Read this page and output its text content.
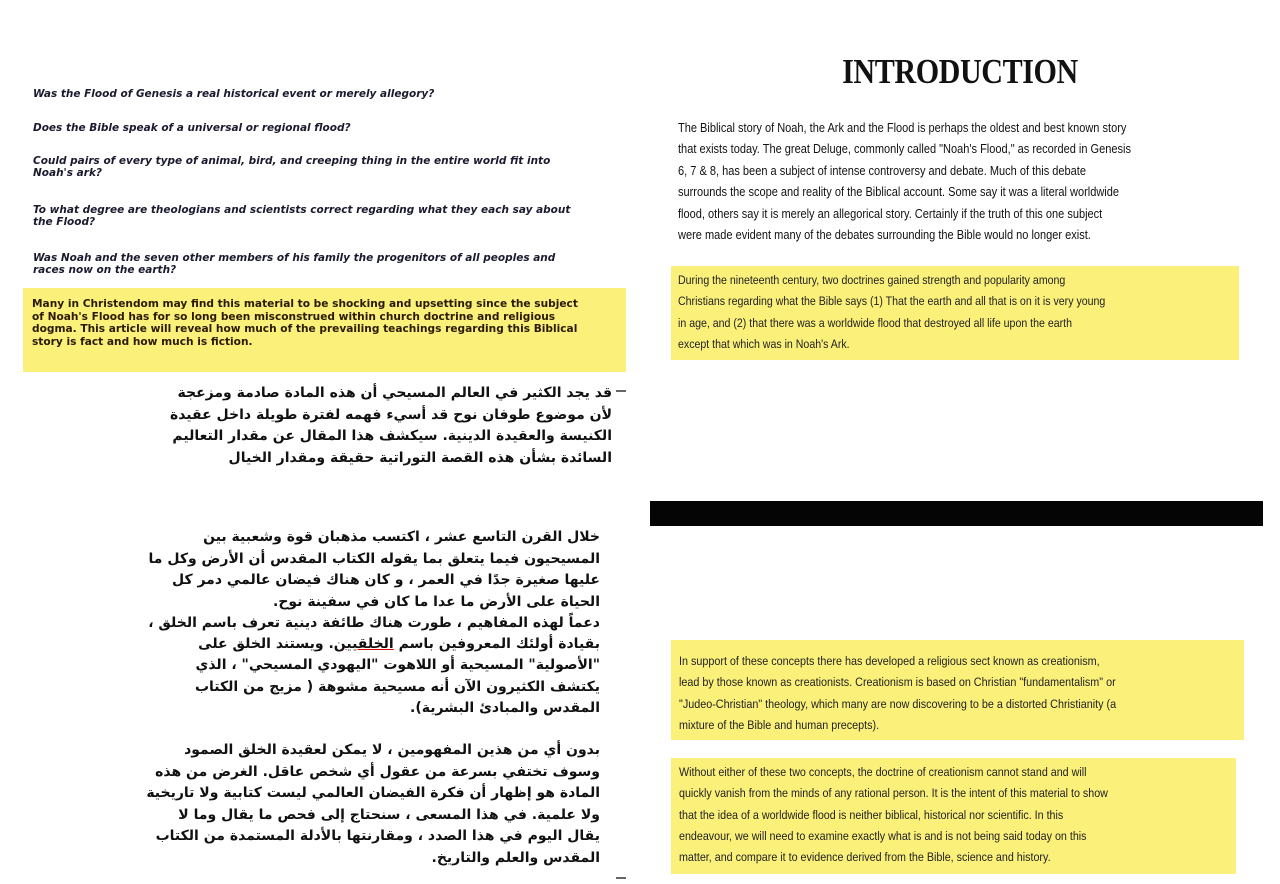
Was the Flood of Genesis a real historical event or merely allegory?
Does the Bible speak of a universal or regional flood?
Could pairs of every type of animal, bird, and creeping thing in the entire world fit into
Noah's ark?
To what degree are theologians and scientists correct regarding what they each say about
the Flood?
Was Noah and the seven other members of his family the progenitors of all peoples and
races now on the earth?
Many in Christendom may find this material to be shocking and upsetting since the subject
of Noah's Flood has for so long been misconstrued within church doctrine and religious
dogma. This article will reveal how much of the prevailing teachings regarding this Biblical
story is fact and how much is fiction.
قد يجد الكثير في العالم المسيحي أن هذه المادة صادمة ومزعجة
لأن موضوع طوفان نوح قد أسيء فهمه لفترة طويلة داخل عقيدة
الكنيسة والعقيدة الدينية. سيكشف هذا المقال عن مقدار التعاليم
السائدة بشأن هذه القصة التوراتية حقيقة ومقدار الخيال
خلال القرن التاسع عشر ، اكتسب مذهبان قوة وشعبية بين
المسيحيون فيما يتعلق بما يقوله الكتاب المقدس أن الأرض وكل ما
عليها صغيرة جدًا في العمر ، و كان هناك فيضان عالمي دمر كل
الحياة على الأرض ما عدا ما كان في سفينة نوح.
دعماً لهذه المفاهيم ، طورت هناك طائفة دينية تعرف باسم الخلق ،
بقيادة أولئك المعروفين باسم الخلقيين. ويستند الخلق على
"الأصولية" المسيحية أو اللاهوت "اليهودي المسيحي" ، الذي
يكتشف الكثيرون الآن أنه مسيحية مشوهة ( مزيج من الكتاب
المقدس والمبادئ البشرية).
بدون أي من هذين المفهومين ، لا يمكن لعقيدة الخلق الصمود
وسوف تختفي بسرعة من عقول أي شخص عاقل. الغرض من هذه
المادة هو إظهار أن فكرة الفيضان العالمي ليست كتابية ولا تاريخية
ولا علمية. في هذا المسعى ، سنحتاج إلى فحص ما يقال وما لا
يقال اليوم في هذا الصدد ، ومقارنتها بالأدلة المستمدة من الكتاب
المقدس والعلم والتاريخ.
INTRODUCTION
The Biblical story of Noah, the Ark and the Flood is perhaps the oldest and best known story
that exists today. The great Deluge, commonly called "Noah's Flood," as recorded in Genesis
6, 7 & 8, has been a subject of intense controversy and debate. Much of this debate
surrounds the scope and reality of the Biblical account. Some say it was a literal worldwide
flood, others say it is merely an allegorical story. Certainly if the truth of this one subject
were made evident many of the debates surrounding the Bible would no longer exist.
During the nineteenth century, two doctrines gained strength and popularity among
Christians regarding what the Bible says (1) That the earth and all that is on it is very young
in age, and (2) that there was a worldwide flood that destroyed all life upon the earth
except that which was in Noah's Ark.
In support of these concepts there has developed a religious sect known as creationism,
lead by those known as creationists. Creationism is based on Christian "fundamentalism" or
"Judeo-Christian" theology, which many are now discovering to be a distorted Christianity (a
mixture of the Bible and human precepts).
Without either of these two concepts, the doctrine of creationism cannot stand and will
quickly vanish from the minds of any rational person. It is the intent of this material to show
that the idea of a worldwide flood is neither biblical, historical nor scientific. In this
endeavour, we will need to examine exactly what is and is not being said today on this
matter, and compare it to evidence derived from the Bible, science and history.
